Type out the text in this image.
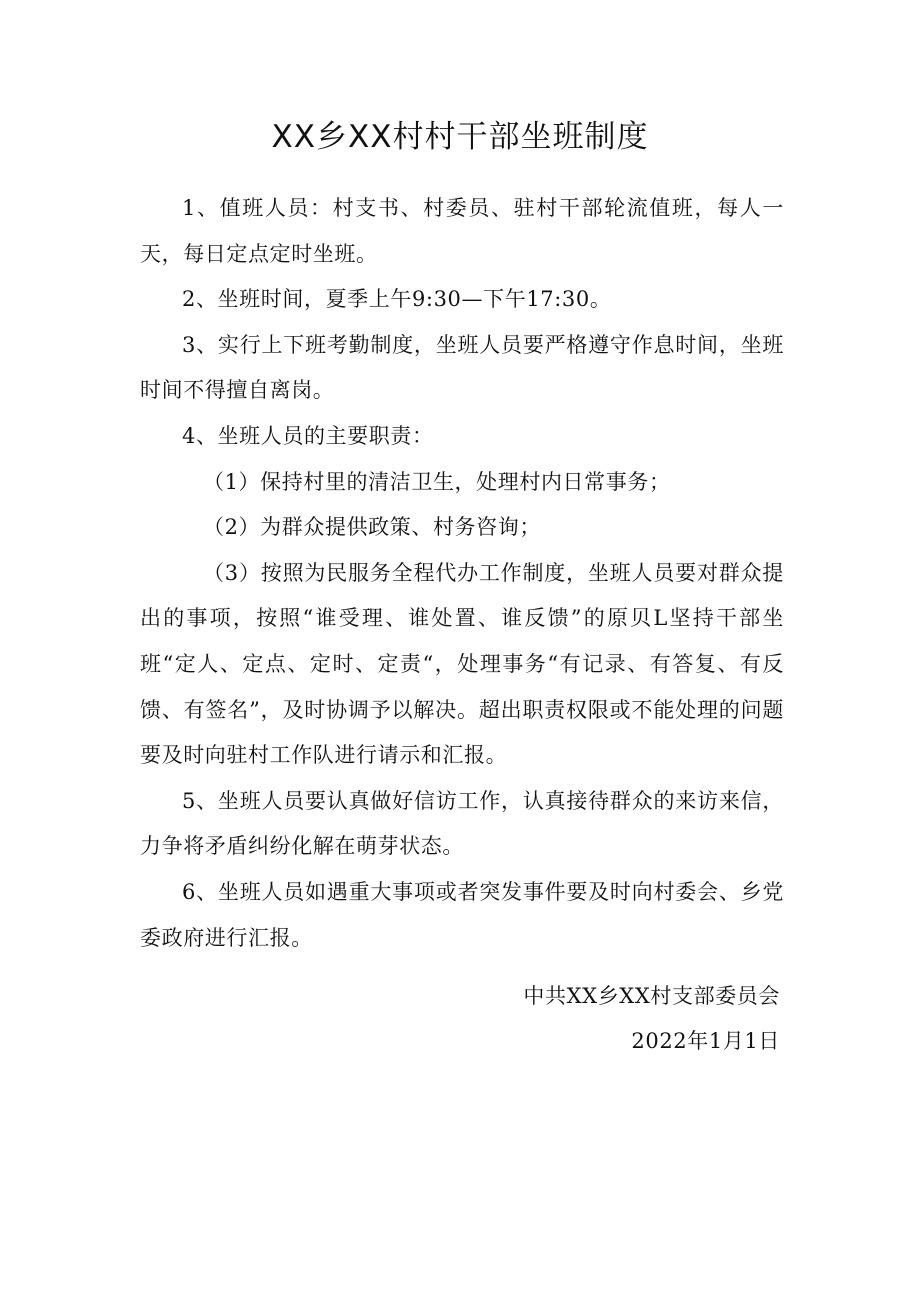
XX乡XX村村干部坐班制度

1、值班人员：村支书、村委员、驻村干部轮流值班，每人一天，每日定点定时坐班。

2、坐班时间，夏季上午9:30—下午17:30。

3、实行上下班考勤制度，坐班人员要严格遵守作息时间，坐班时间不得擅自离岗。

4、坐班人员的主要职责：

（1）保持村里的清洁卫生，处理村内日常事务；

（2）为群众提供政策、村务咨询；

（3）按照为民服务全程代办工作制度，坐班人员要对群众提出的事项，按照“谁受理、谁处置、谁反馈”的原贝L坚持干部坐班“定人、定点、定时、定责“，处理事务“有记录、有答复、有反馈、有签名”，及时协调予以解决。超出职责权限或不能处理的问题要及时向驻村工作队进行请示和汇报。

5、坐班人员要认真做好信访工作，认真接待群众的来访来信，力争将矛盾纠纷化解在萌芽状态。

6、坐班人员如遇重大事项或者突发事件要及时向村委会、乡党委政府进行汇报。

中共XX乡XX村支部委员会

2022年1月1日
